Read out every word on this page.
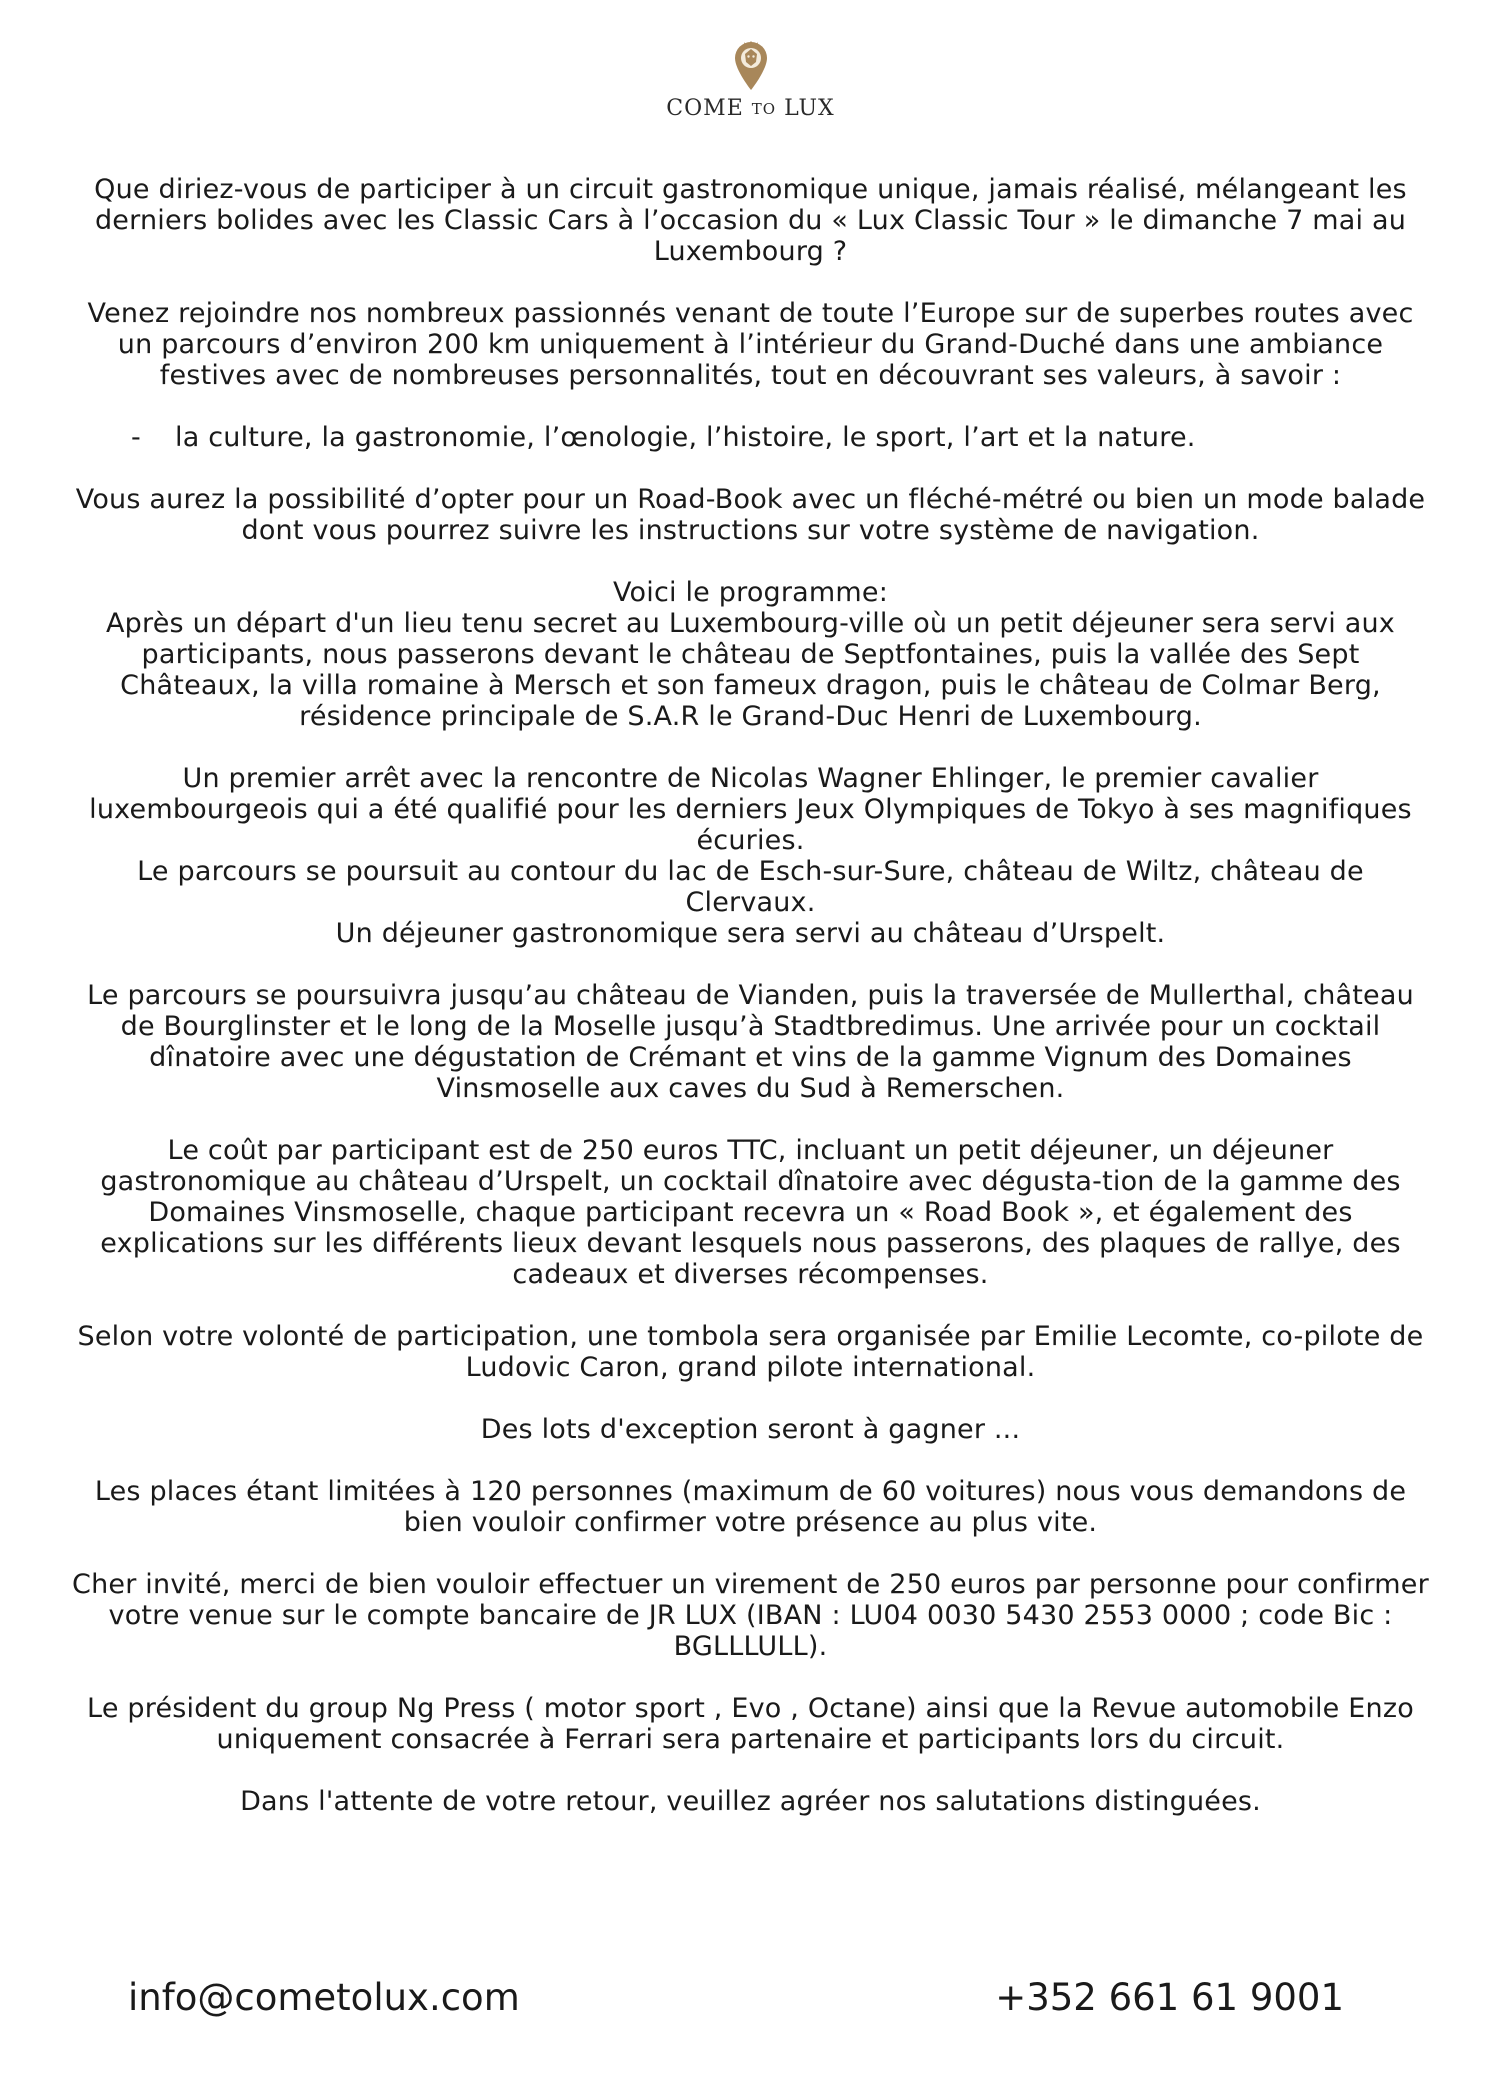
COME TO LUX

Que diriez-vous de participer à un circuit gastronomique unique, jamais réalisé, mélangeant les derniers bolides avec les Classic Cars à l’occasion du « Lux Classic Tour » le dimanche 7 mai au Luxembourg ?

Venez rejoindre nos nombreux passionnés venant de toute l’Europe sur de superbes routes avec un parcours d’environ 200 km uniquement à l’intérieur du Grand-Duché dans une ambiance festives avec de nombreuses personnalités, tout en découvrant ses valeurs, à savoir :

- la culture, la gastronomie, l’œnologie, l’histoire, le sport, l’art et la nature.

Vous aurez la possibilité d’opter pour un Road-Book avec un fléché-métré ou bien un mode balade dont vous pourrez suivre les instructions sur votre système de navigation.

Voici le programme:

Après un départ d'un lieu tenu secret au Luxembourg-ville où un petit déjeuner sera servi aux participants, nous passerons devant le château de Septfontaines, puis la vallée des Sept Châteaux, la villa romaine à Mersch et son fameux dragon, puis le château de Colmar Berg, résidence principale de S.A.R le Grand-Duc Henri de Luxembourg.

Un premier arrêt avec la rencontre de Nicolas Wagner Ehlinger, le premier cavalier luxembourgeois qui a été qualifié pour les derniers Jeux Olympiques de Tokyo à ses magnifiques écuries.

Le parcours se poursuit au contour du lac de Esch-sur-Sure, château de Wiltz, château de Clervaux.

Un déjeuner gastronomique sera servi au château d’Urspelt.

Le parcours se poursuivra jusqu’au château de Vianden, puis la traversée de Mullerthal, château de Bourglinster et le long de la Moselle jusqu’à Stadtbredimus. Une arrivée pour un cocktail dînatoire avec une dégustation de Crémant et vins de la gamme Vignum des Domaines Vinsmoselle aux caves du Sud à Remerschen.

Le coût par participant est de 250 euros TTC, incluant un petit déjeuner, un déjeuner gastronomique au château d’Urspelt, un cocktail dînatoire avec dégusta-tion de la gamme des Domaines Vinsmoselle, chaque participant recevra un « Road Book », et également des explications sur les différents lieux devant lesquels nous passerons, des plaques de rallye, des cadeaux et diverses récompenses.

Selon votre volonté de participation, une tombola sera organisée par Emilie Lecomte, co-pilote de Ludovic Caron, grand pilote international.

Des lots d'exception seront à gagner ...

Les places étant limitées à 120 personnes (maximum de 60 voitures) nous vous demandons de bien vouloir confirmer votre présence au plus vite.

Cher invité, merci de bien vouloir effectuer un virement de 250 euros par personne pour confirmer votre venue sur le compte bancaire de JR LUX (IBAN : LU04 0030 5430 2553 0000 ; code Bic : BGLLLULL).

Le président du group Ng Press ( motor sport , Evo , Octane) ainsi que la Revue automobile Enzo uniquement consacrée à Ferrari sera partenaire et participants lors du circuit.

Dans l'attente de votre retour, veuillez agréer nos salutations distinguées.

info@cometolux.com	+352 661 61 9001
